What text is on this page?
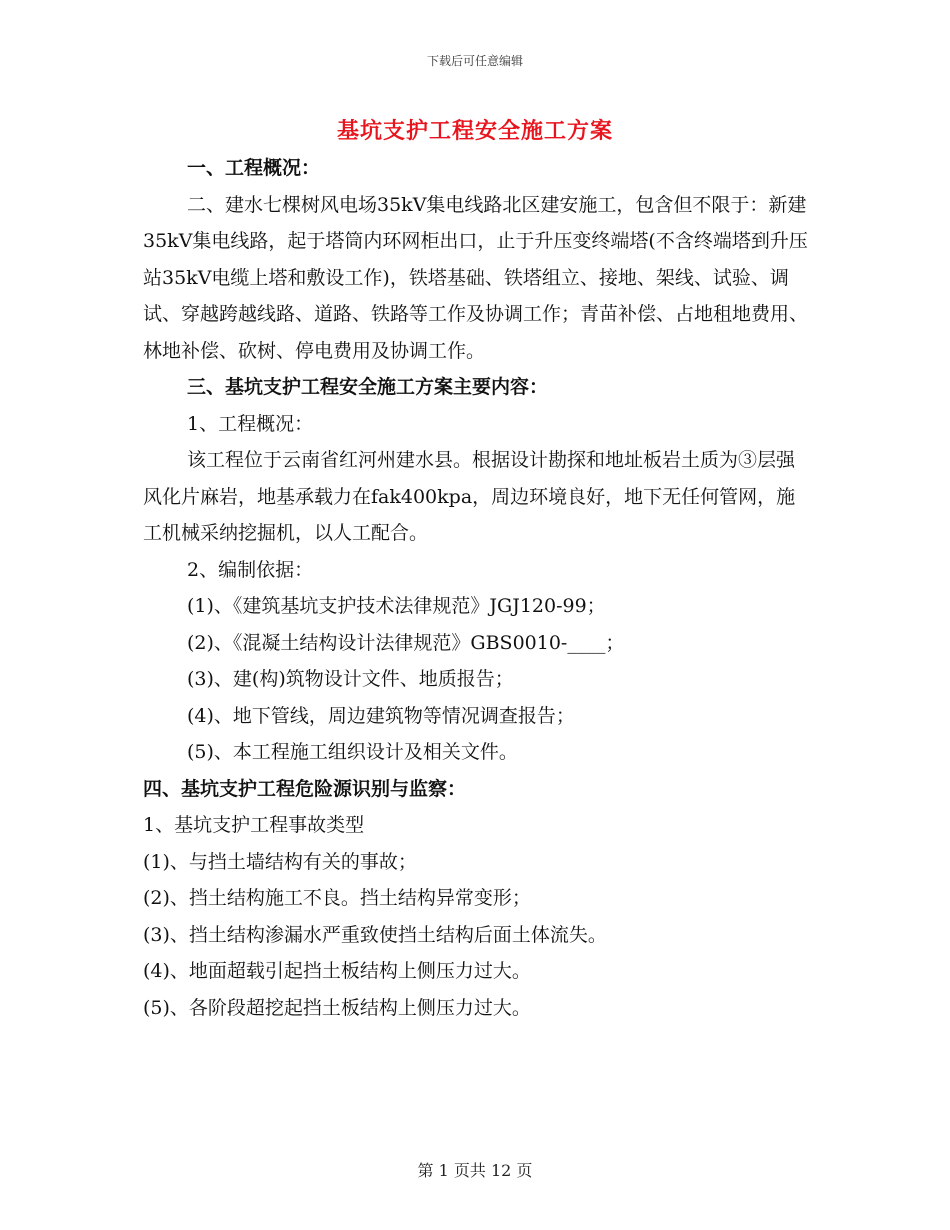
下载后可任意编辑
基坑支护工程安全施工方案

一、工程概况：

二、建水七棵树风电场35kV集电线路北区建安施工，包含但不限于：新建35kV集电线路，起于塔筒内环网柜出口，止于升压变终端塔(不含终端塔到升压站35kV电缆上塔和敷设工作)，铁塔基础、铁塔组立、接地、架线、试验、调试、穿越跨越线路、道路、铁路等工作及协调工作；青苗补偿、占地租地费用、林地补偿、砍树、停电费用及协调工作。

三、基坑支护工程安全施工方案主要内容：

1、工程概况：

该工程位于云南省红河州建水县。根据设计勘探和地址板岩土质为③层强风化片麻岩，地基承载力在fak400kpa，周边环境良好，地下无任何管网，施工机械采纳挖掘机，以人工配合。

2、编制依据：

(1)、《建筑基坑支护技术法律规范》JGJ120-99；

(2)、《混凝土结构设计法律规范》GBS0010-____；

(3)、建(构)筑物设计文件、地质报告；

(4)、地下管线，周边建筑物等情况调查报告；

(5)、本工程施工组织设计及相关文件。

四、基坑支护工程危险源识别与监察：

1、基坑支护工程事故类型

(1)、与挡土墙结构有关的事故；

(2)、挡土结构施工不良。挡土结构异常变形；

(3)、挡土结构渗漏水严重致使挡土结构后面土体流失。

(4)、地面超载引起挡土板结构上侧压力过大。

(5)、各阶段超挖起挡土板结构上侧压力过大。

第 1 页共 12 页
